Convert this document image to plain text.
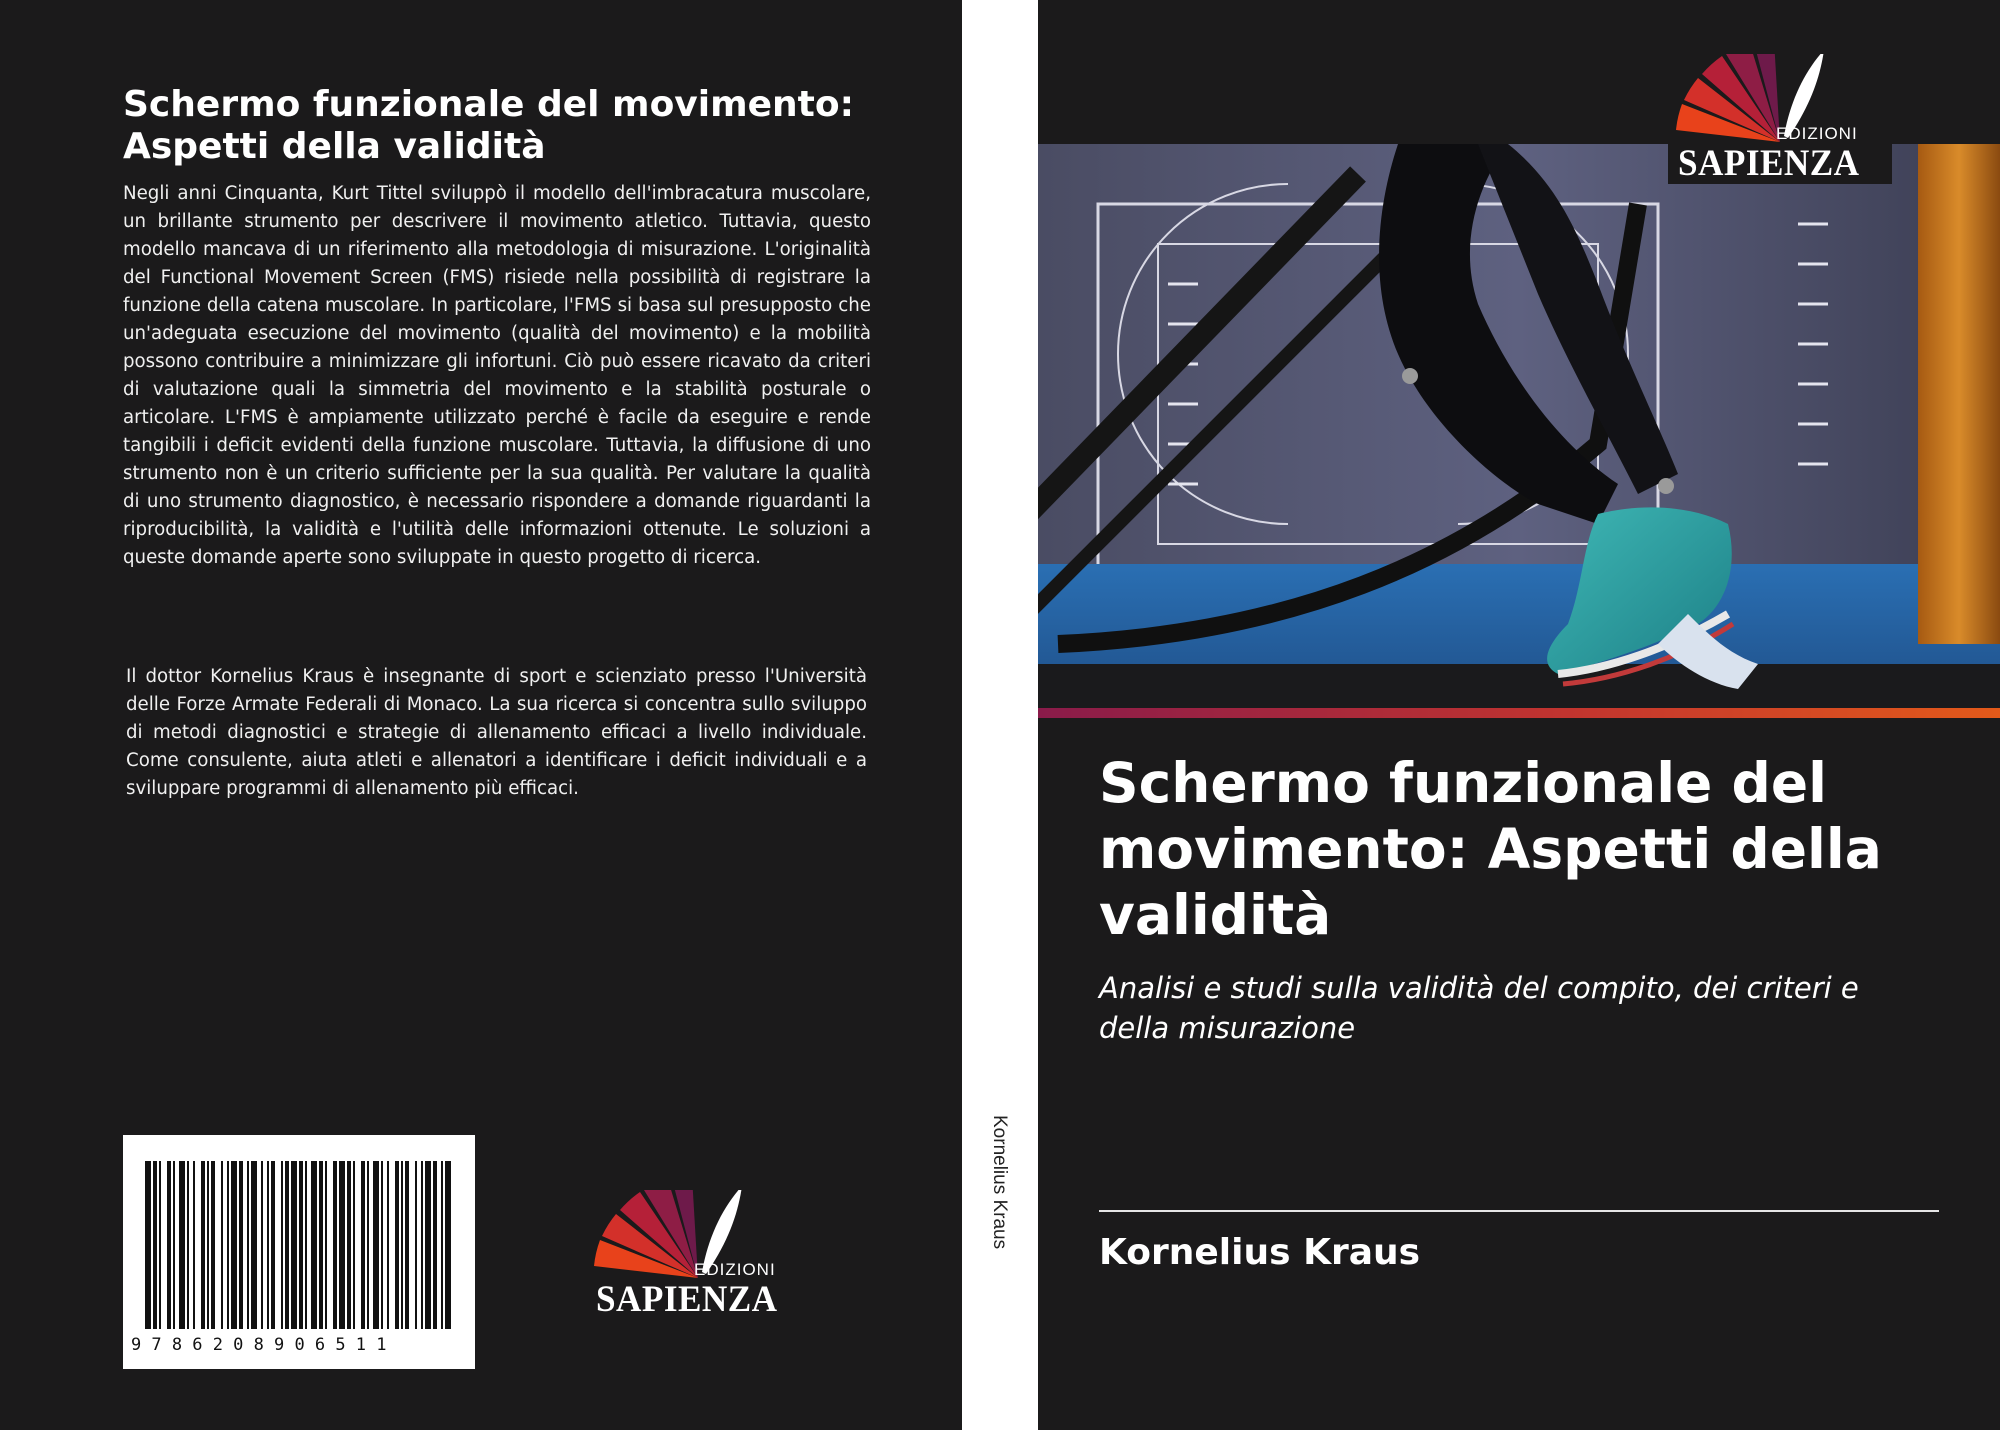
Schermo funzionale del movimento: Aspetti della validità

Negli anni Cinquanta, Kurt Tittel sviluppò il modello dell'imbracatura muscolare, un brillante strumento per descrivere il movimento atletico. Tuttavia, questo modello mancava di un riferimento alla metodologia di misurazione. L'originalità del Functional Movement Screen (FMS) risiede nella possibilità di registrare la funzione della catena muscolare. In particolare, l'FMS si basa sul presupposto che un'adeguata esecuzione del movimento (qualità del movimento) e la mobilità possono contribuire a minimizzare gli infortuni. Ciò può essere ricavato da criteri di valutazione quali la simmetria del movimento e la stabilità posturale o articolare. L'FMS è ampiamente utilizzato perché è facile da eseguire e rende tangibili i deficit evidenti della funzione muscolare. Tuttavia, la diffusione di uno strumento non è un criterio sufficiente per la sua qualità. Per valutare la qualità di uno strumento diagnostico, è necessario rispondere a domande riguardanti la riproducibilità, la validità e l'utilità delle informazioni ottenute. Le soluzioni a queste domande aperte sono sviluppate in questo progetto di ricerca.

Il dottor Kornelius Kraus è insegnante di sport e scienziato presso l'Università delle Forze Armate Federali di Monaco. La sua ricerca si concentra sullo sviluppo di metodi diagnostici e strategie di allenamento efficaci a livello individuale. Come consulente, aiuta atleti e allenatori a identificare i deficit individuali e a sviluppare programmi di allenamento più efficaci.

9786208906511
EDIZIONI
SAPIENZA
Kornelius Kraus
EDIZIONI
SAPIENZA
Schermo funzionale del movimento: Aspetti della validità

Analisi e studi sulla validità del compito, dei criteri e della misurazione

Kornelius Kraus
